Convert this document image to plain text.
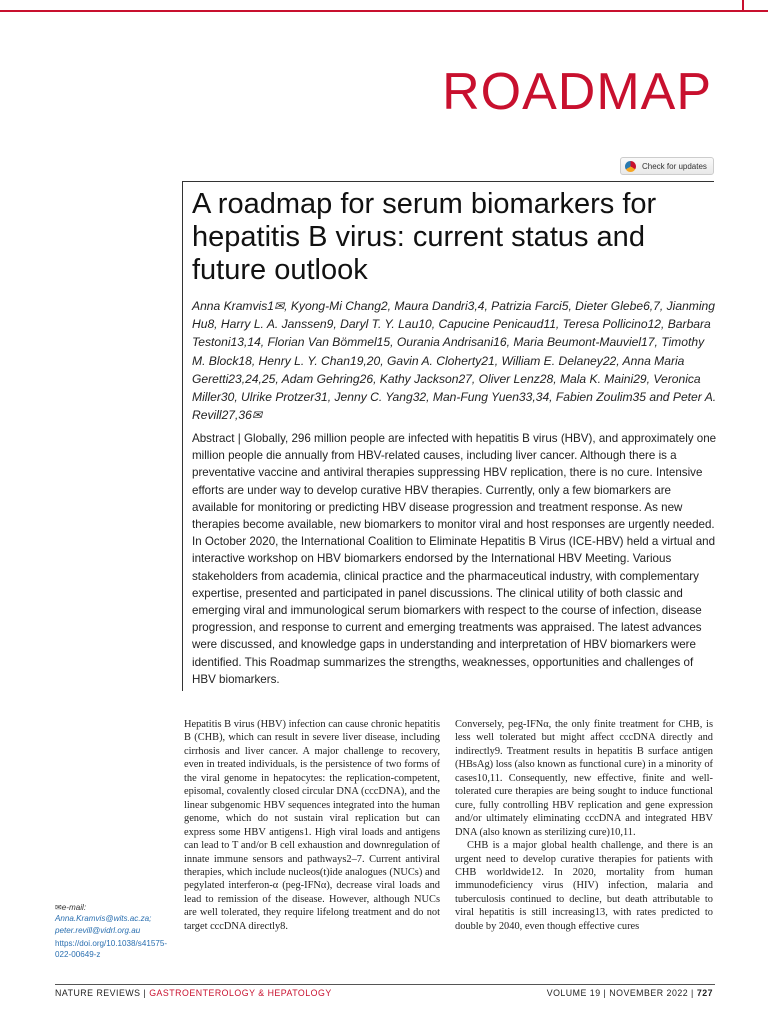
ROADMAP
Check for updates
A roadmap for serum biomarkers for hepatitis B virus: current status and future outlook

Anna Kramvis1✉, Kyong-Mi Chang2, Maura Dandri3,4, Patrizia Farci5, Dieter Glebe6,7, Jianming Hu8, Harry L. A. Janssen9, Daryl T. Y. Lau10, Capucine Penicaud11, Teresa Pollicino12, Barbara Testoni13,14, Florian Van Bömmel15, Ourania Andrisani16, Maria Beumont-Mauviel17, Timothy M. Block18, Henry L. Y. Chan19,20, Gavin A. Cloherty21, William E. Delaney22, Anna Maria Geretti23,24,25, Adam Gehring26, Kathy Jackson27, Oliver Lenz28, Mala K. Maini29, Veronica Miller30, Ulrike Protzer31, Jenny C. Yang32, Man-Fung Yuen33,34, Fabien Zoulim35 and Peter A. Revill27,36✉

Abstract | Globally, 296 million people are infected with hepatitis B virus (HBV), and approximately one million people die annually from HBV-related causes, including liver cancer. Although there is a preventative vaccine and antiviral therapies suppressing HBV replication, there is no cure. Intensive efforts are under way to develop curative HBV therapies. Currently, only a few biomarkers are available for monitoring or predicting HBV disease progression and treatment response. As new therapies become available, new biomarkers to monitor viral and host responses are urgently needed. In October 2020, the International Coalition to Eliminate Hepatitis B Virus (ICE-HBV) held a virtual and interactive workshop on HBV biomarkers endorsed by the International HBV Meeting. Various stakeholders from academia, clinical practice and the pharmaceutical industry, with complementary expertise, presented and participated in panel discussions. The clinical utility of both classic and emerging viral and immunological serum biomarkers with respect to the course of infection, disease progression, and response to current and emerging treatments was appraised. The latest advances were discussed, and knowledge gaps in understanding and interpretation of HBV biomarkers were identified. This Roadmap summarizes the strengths, weaknesses, opportunities and challenges of HBV biomarkers.

Hepatitis B virus (HBV) infection can cause chronic hepatitis B (CHB), which can result in severe liver disease, including cirrhosis and liver cancer. A major challenge to recovery, even in treated individuals, is the persistence of two forms of the viral genome in hepatocytes: the replication-competent, episomal, covalently closed circular DNA (cccDNA), and the linear subgenomic HBV sequences integrated into the human genome, which do not sustain viral replication but can express some HBV antigens1. High viral loads and antigens can lead to T and/or B cell exhaustion and downregulation of innate immune sensors and pathways2–7. Current antiviral therapies, which include nucleos(t)ide analogues (NUCs) and pegylated interferon-α (peg-IFNα), decrease viral loads and lead to remission of the disease. However, although NUCs are well tolerated, they require lifelong treatment and do not target cccDNA directly8.

Conversely, peg-IFNα, the only finite treatment for CHB, is less well tolerated but might affect cccDNA directly and indirectly9. Treatment results in hepatitis B surface antigen (HBsAg) loss (also known as functional cure) in a minority of cases10,11. Consequently, new effective, finite and well-tolerated cure therapies are being sought to induce functional cure, fully controlling HBV replication and gene expression and/or ultimately eliminating cccDNA and integrated HBV DNA (also known as sterilizing cure)10,11.

CHB is a major global health challenge, and there is an urgent need to develop curative therapies for patients with CHB worldwide12. In 2020, mortality from human immunodeficiency virus (HIV) infection, malaria and tuberculosis continued to decline, but death attributable to viral hepatitis is still increasing13, with rates predicted to double by 2040, even though effective cures

✉e-mail: Anna.Kramvis@wits.ac.za; peter.revill@vidrl.org.au
https://doi.org/10.1038/s41575-022-00649-z
NATURE REVIEWS | GASTROENTEROLOGY & HEPATOLOGY	VOLUME 19 | NOVEMBER 2022 | 727
